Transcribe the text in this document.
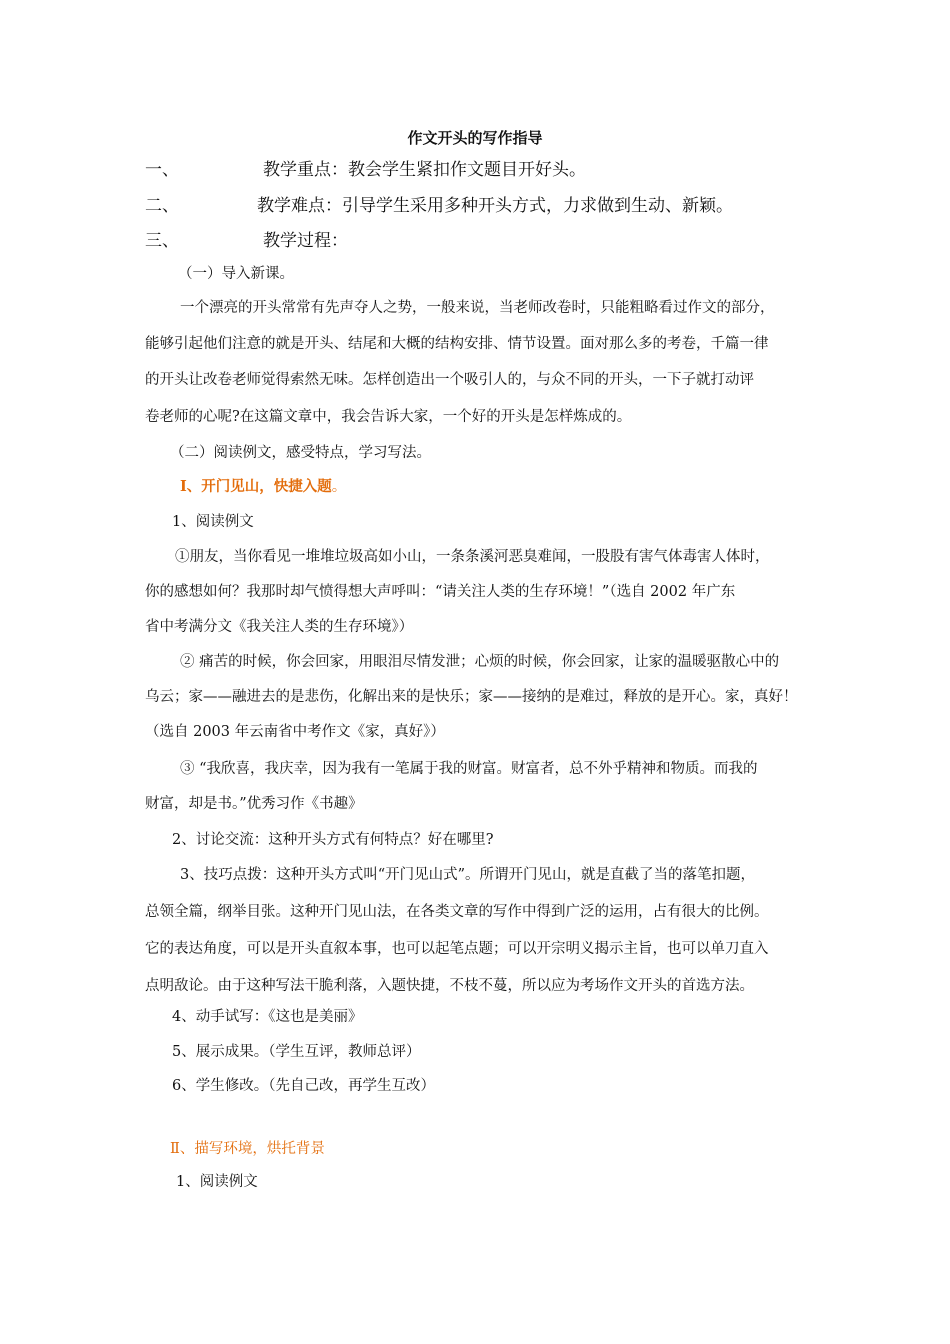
作文开头的写作指导
一、	教学重点：教会学生紧扣作文题目开好头。
二、	教学难点：引导学生采用多种开头方式，力求做到生动、新颖。
三、	教学过程：
（一）导入新课。
一个漂亮的开头常常有先声夺人之势，一般来说，当老师改卷时，只能粗略看过作文的部分，
能够引起他们注意的就是开头、结尾和大概的结构安排、情节设置。面对那么多的考卷，千篇一律
的开头让改卷老师觉得索然无味。怎样创造出一个吸引人的，与众不同的开头，一下子就打动评
卷老师的心呢?在这篇文章中，我会告诉大家，一个好的开头是怎样炼成的。
（二）阅读例文，感受特点，学习写法。
Ⅰ、开门见山，快捷入题。
1、阅读例文
①朋友，当你看见一堆堆垃圾高如小山，一条条溪河恶臭难闻，一股股有害气体毒害人体时，
你的感想如何？我那时却气愤得想大声呼叫：“请关注人类的生存环境！”（选自 2002 年广东
省中考满分文《我关注人类的生存环境》）
② 痛苦的时候，你会回家，用眼泪尽情发泄；心烦的时候，你会回家，让家的温暖驱散心中的
乌云；家——融进去的是悲伤，化解出来的是快乐；家——接纳的是难过，释放的是开心。家，真好！
（选自 2003 年云南省中考作文《家，真好》）
③ “我欣喜，我庆幸，因为我有一笔属于我的财富。财富者，总不外乎精神和物质。而我的
财富，却是书。”优秀习作《书趣》
2、讨论交流：这种开头方式有何特点？好在哪里?
3、技巧点拨：这种开头方式叫“开门见山式”。所谓开门见山，就是直截了当的落笔扣题，
总领全篇，纲举目张。这种开门见山法，在各类文章的写作中得到广泛的运用，占有很大的比例。
它的表达角度，可以是开头直叙本事，也可以起笔点题；可以开宗明义揭示主旨，也可以单刀直入
点明敌论。由于这种写法干脆利落，入题快捷，不枝不蔓，所以应为考场作文开头的首选方法。
4、动手试写：《这也是美丽》
5、展示成果。（学生互评，教师总评）
6、学生修改。（先自己改，再学生互改）
Ⅱ、描写环境，烘托背景
1、阅读例文
